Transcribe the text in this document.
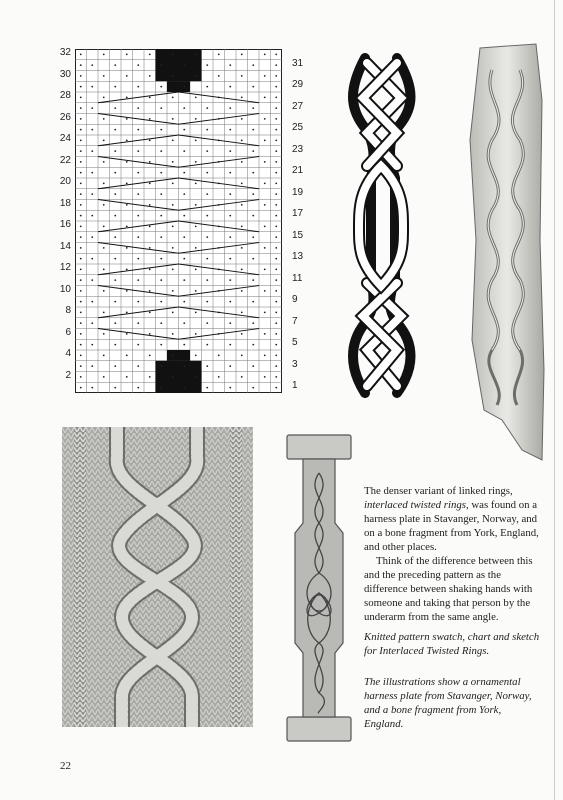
32
30
28
26
24
22
20
18
16
14
12
10
8
6
4
2
31
29
27
25
23
21
19
17
15
13
11
9
7
5
3
1

The denser variant of linked rings, interlaced twisted rings, was found on a harness plate in Stavanger, Norway, and on a bone fragment from York, England, and other places.

Think of the difference between this and the preceding pattern as the difference between shaking hands with someone and taking that person by the underarm from the same angle.

Knitted pattern swatch, chart and sketch for Interlaced Twisted Rings.

The illustrations show a ornamental harness plate from Stavanger, Norway, and a bone fragment from York, England.

22
